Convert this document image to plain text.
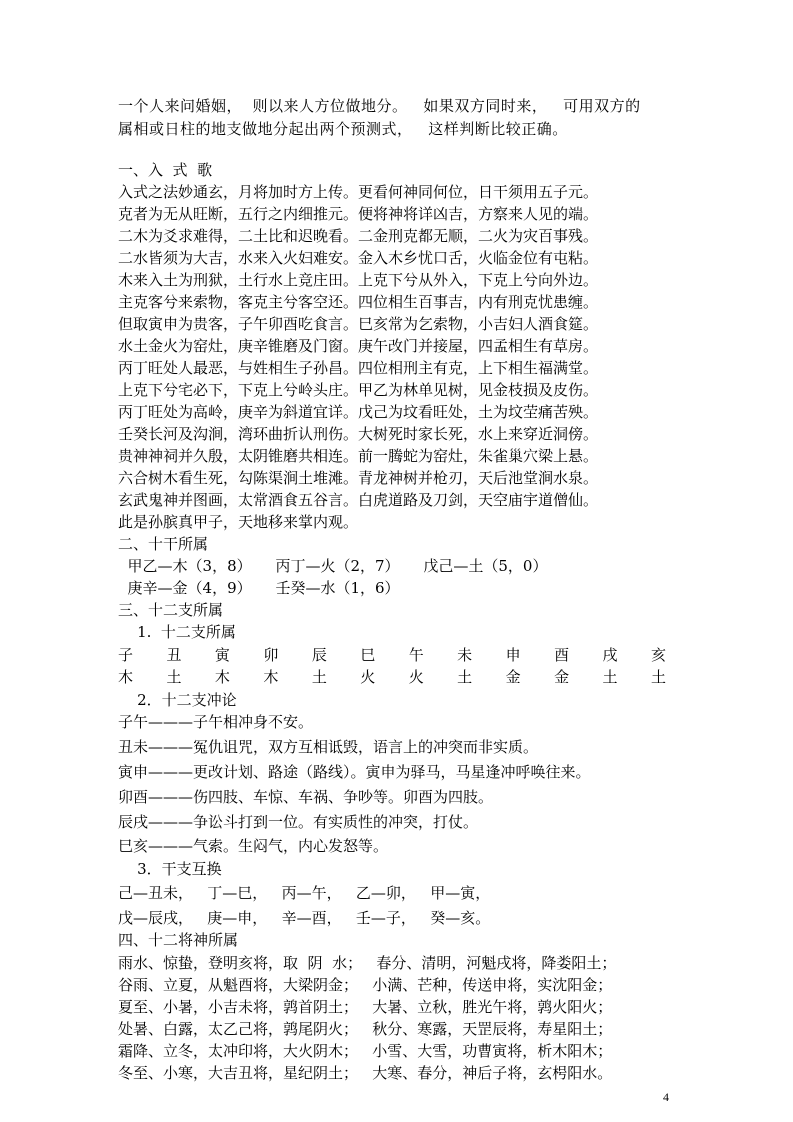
一个人来问婚姻，  则以来人方位做地分。   如果双方同时来，   可用双方的
属相或日柱的地支做地分起出两个预测式，   这样判断比较正确。
一、入  式  歌
入式之法妙通玄，月将加时方上传。更看何神同何位，日干须用五子元。
克者为无从旺断，五行之内细推元。便将神将详凶吉，方察来人见的端。
二木为爻求难得，二土比和迟晚看。二金刑克都无顺，二火为灾百事残。
二水皆须为大吉，水来入火妇难安。金入木乡忧口舌，火临金位有屯粘。
木来入土为刑狱，土行水上竞庄田。上克下兮从外入，下克上兮向外边。
主克客兮来索物，客克主兮客空还。四位相生百事吉，内有刑克忧患缠。
但取寅申为贵客，子午卯酉吃食言。巳亥常为乞索物，小吉妇人酒食筵。
水土金火为窑灶，庚辛锥磨及门窗。庚午改门并接屋，四孟相生有草房。
丙丁旺处人最恶，与姓相生子孙昌。四位相刑主有克，上下相生福满堂。
上克下兮宅必下，下克上兮岭头庄。甲乙为林单见树，见金枝损及皮伤。
丙丁旺处为高岭，庚辛为斜道宜详。戊己为坟看旺处，土为坟茔痛苦殃。
壬癸长河及沟涧，湾环曲折认刑伤。大树死时家长死，水上来穿近洞傍。
贵神神祠并久殷，太阴锥磨共相连。前一腾蛇为窑灶，朱雀巢穴梁上悬。
六合树木看生死，勾陈渠涧土堆滩。青龙神树并枪刃，天后池堂涧水泉。
玄武鬼神并图画，太常酒食五谷言。白虎道路及刀剑，天空庙宇道僧仙。
此是孙膑真甲子，天地移来掌内观。
二、十干所属
甲乙—木（3，8）     丙丁—火（2，7）     戊己—土（5，0）
庚辛—金（4，9）     壬癸—水（1，6）
三、十二支所属
1.  十二支所属
子 丑 寅 卯 辰 巳 午 未 申 酉 戌 亥
木 土 木 木 土 火 火 土 金 金 土 土
2．十二支冲论
子午———子午相冲身不安。
丑未———冤仇诅咒，双方互相诋毁，语言上的冲突而非实质。
寅申———更改计划、路途（路线）。寅申为驿马，马星逢冲呼唤往来。
卯酉———伤四肢、车惊、车祸、争吵等。卯酉为四肢。
辰戌———争讼斗打到一位。有实质性的冲突，打仗。
巳亥———气索。生闷气，内心发怒等。
3．干支互换
己—丑未，   丁—巳，   丙—午，   乙—卯，   甲—寅，
戊—辰戌，   庚—申，   辛—酉，   壬—子，   癸—亥。
四、十二将神所属
雨水、惊蛰，登明亥将，取  阴  水；   春分、清明，河魁戌将，降娄阳土；
谷雨、立夏，从魁酉将，大梁阴金；   小满、芒种，传送申将，实沈阳金；
夏至、小暑，小吉未将，鹑首阴土；   大暑、立秋，胜光午将，鹑火阳火；
处暑、白露，太乙己将，鹑尾阴火；   秋分、寒露，天罡辰将，寿星阳土；
霜降、立冬，太冲印将，大火阴木；   小雪、大雪，功曹寅将，析木阳木；
冬至、小寒，大吉丑将，星纪阴土；   大寒、春分，神后子将，玄枵阳水。
4
